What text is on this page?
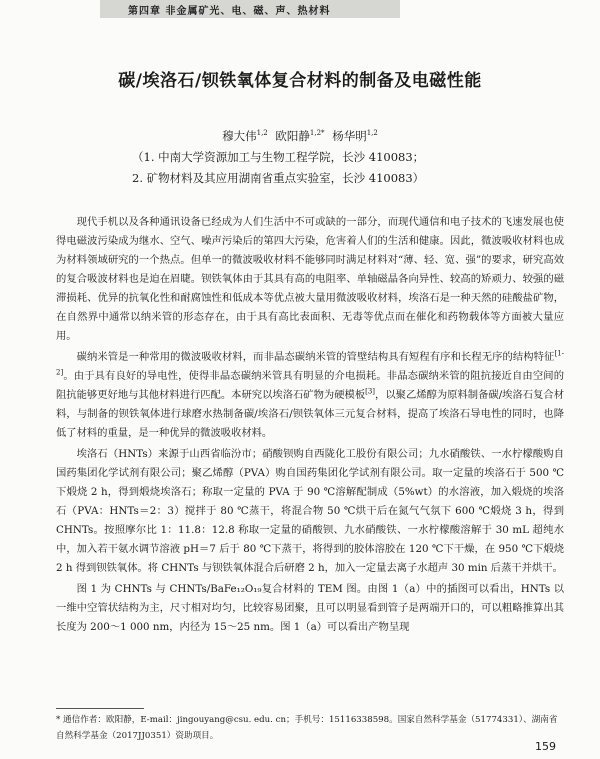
第四章 非金属矿光、电、磁、声、热材料
碳/埃洛石/钡铁氧体复合材料的制备及电磁性能
穆大伟$^{1,2}$ 欧阳静$^{1,2*}$ 杨华明$^{1,2}$
（1. 中南大学资源加工与生物工程学院，长沙 410083；
2. 矿物材料及其应用湖南省重点实验室，长沙 410083）

现代手机以及各种通讯设备已经成为人们生活中不可或缺的一部分，而现代通信和电子技术的飞速发展也使得电磁波污染成为继水、空气、噪声污染后的第四大污染，危害着人们的生活和健康。因此，微波吸收材料也成为材料领域研究的一个热点。但单一的微波吸收材料不能够同时满足材料对“薄、轻、宽、强”的要求，研究高效的复合吸波材料也是迫在眉睫。钡铁氧体由于其具有高的电阻率、单轴磁晶各向异性、较高的矫顽力、较强的磁滞损耗、优异的抗氧化性和耐腐蚀性和低成本等优点被大量用微波吸收材料，埃洛石是一种天然的硅酸盐矿物，在自然界中通常以纳米管的形态存在，由于具有高比表面积、无毒等优点而在催化和药物载体等方面被大量应用。

碳纳米管是一种常用的微波吸收材料，而非晶态碳纳米管的管壁结构具有短程有序和长程无序的结构特征[1-2]。由于具有良好的导电性，使得非晶态碳纳米管具有明显的介电损耗。非晶态碳纳米管的阻抗接近自由空间的阻抗能够更好地与其他材料进行匹配。本研究以埃洛石矿物为硬模板[3]，以聚乙烯醇为原料制备碳/埃洛石复合材料，与制备的钡铁氧体进行球磨水热制备碳/埃洛石/钡铁氧体三元复合材料，提高了埃洛石导电性的同时，也降低了材料的重量，是一种优异的微波吸收材料。

埃洛石（HNTs）来源于山西省临汾市；硝酸钡购自西陇化工股份有限公司；九水硝酸铁、一水柠檬酸购自国药集团化学试剂有限公司；聚乙烯醇（PVA）购自国药集团化学试剂有限公司。取一定量的埃洛石于 500 ℃下煅烧 2 h，得到煅烧埃洛石；称取一定量的 PVA 于 90 ℃溶解配制成（5%wt）的水溶液，加入煅烧的埃洛石（PVA：HNTs＝2：3）搅拌于 80 ℃蒸干，将混合物 50 ℃烘干后在氮气气氛下 600 ℃煅烧 3 h，得到 CHNTs。按照摩尔比 1：11.8：12.8 称取一定量的硝酸钡、九水硝酸铁、一水柠檬酸溶解于 30 mL 超纯水中，加入若干氨水调节溶液 pH＝7 后于 80 ℃下蒸干，将得到的胶体溶胶在 120 ℃下干燥，在 950 ℃下煅烧 2 h 得到钡铁氧体。将 CHNTs 与钡铁氧体混合后研磨 2 h，加入一定量去离子水超声 30 min 后蒸干并烘干。

图 1 为 CHNTs 与 CHNTs/BaFe₁₂O₁₉复合材料的 TEM 图。由图 1（a）中的插图可以看出，HNTs 以一维中空管状结构为主，尺寸相对均匀，比较容易团聚，且可以明显看到管子是两端开口的，可以粗略推算出其长度为 200～1 000 nm，内径为 15～25 nm。图 1（a）可以看出产物呈现

* 通信作者：欧阳静，E-mail：jingouyang@csu. edu. cn；手机号：15116338598。国家自然科学基金（51774331）、湖南省自然科学基金（2017JJ0351）资助项目。
159
